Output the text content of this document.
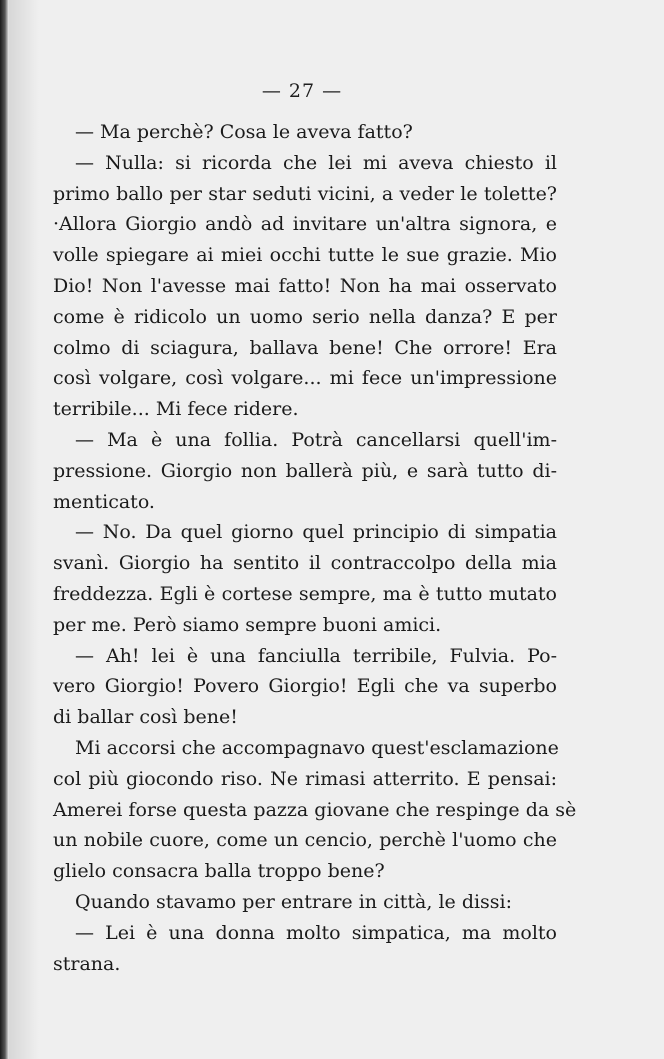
— 27 —
— Ma perchè? Cosa le aveva fatto?
— Nulla: si ricorda che lei mi aveva chiesto il
primo ballo per star seduti vicini, a veder le tolette?
·Allora Giorgio andò ad invitare un'altra signora, e
volle spiegare ai miei occhi tutte le sue grazie. Mio
Dio! Non l'avesse mai fatto! Non ha mai osservato
come è ridicolo un uomo serio nella danza? E per
colmo di sciagura, ballava bene! Che orrore! Era
così volgare, così volgare... mi fece un'impressione
terribile... Mi fece ridere.
— Ma è una follia. Potrà cancellarsi quell'im-
pressione. Giorgio non ballerà più, e sarà tutto di-
menticato.
— No. Da quel giorno quel principio di simpatia
svanì. Giorgio ha sentito il contraccolpo della mia
freddezza. Egli è cortese sempre, ma è tutto mutato
per me. Però siamo sempre buoni amici.
— Ah! lei è una fanciulla terribile, Fulvia. Po-
vero Giorgio! Povero Giorgio! Egli che va superbo
di ballar così bene!
Mi accorsi che accompagnavo quest'esclamazione
col più giocondo riso. Ne rimasi atterrito. E pensai:
Amerei forse questa pazza giovane che respinge da sè
un nobile cuore, come un cencio, perchè l'uomo che
glielo consacra balla troppo bene?
Quando stavamo per entrare in città, le dissi:
— Lei è una donna molto simpatica, ma molto
strana.
